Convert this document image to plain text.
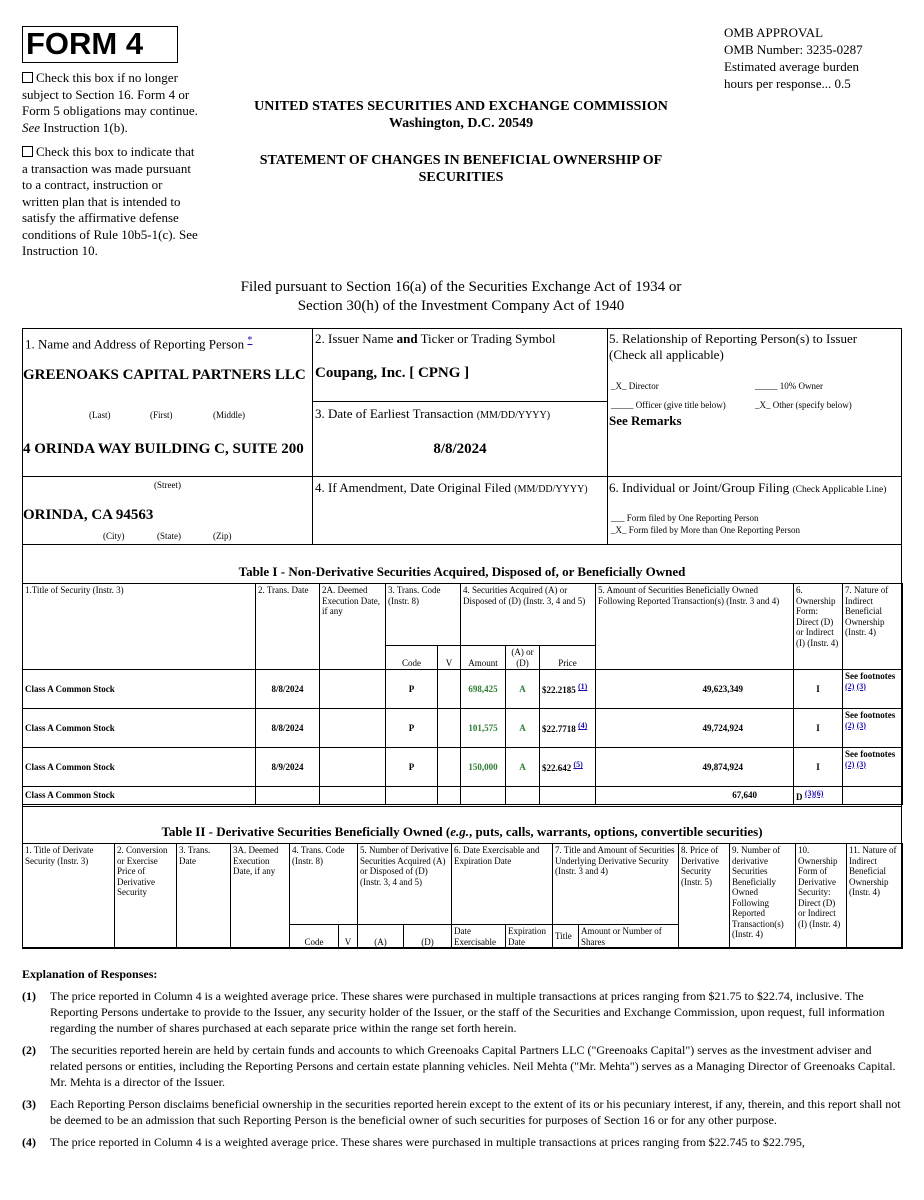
FORM 4
Check this box if no longer subject to Section 16. Form 4 or Form 5 obligations may continue. See Instruction 1(b).
Check this box to indicate that a transaction was made pursuant to a contract, instruction or written plan that is intended to satisfy the affirmative defense conditions of Rule 10b5-1(c). See Instruction 10.
OMB APPROVAL
OMB Number: 3235-0287
Estimated average burden
hours per response... 0.5
UNITED STATES SECURITIES AND EXCHANGE COMMISSION
Washington, D.C. 20549
STATEMENT OF CHANGES IN BENEFICIAL OWNERSHIP OF
SECURITIES
Filed pursuant to Section 16(a) of the Securities Exchange Act of 1934 or
Section 30(h) of the Investment Company Act of 1940
1. Name and Address of Reporting Person *
GREENOAKS CAPITAL PARTNERS LLC
(Last)	(First)	(Middle)
4 ORINDA WAY BUILDING C, SUITE 200
(Street)
ORINDA, CA 94563
(City)	(State)	(Zip)
2. Issuer Name and Ticker or Trading Symbol
Coupang, Inc. [ CPNG ]
3. Date of Earliest Transaction (MM/DD/YYYY)
8/8/2024
4. If Amendment, Date Original Filed (MM/DD/YYYY)
5. Relationship of Reporting Person(s) to Issuer
(Check all applicable)
_X_ Director	_____ 10% Owner
_____ Officer (give title below)	_X_ Other (specify below)
See Remarks
6. Individual or Joint/Group Filing (Check Applicable Line)
___ Form filed by One Reporting Person
_X_ Form filed by More than One Reporting Person
Table I - Non-Derivative Securities Acquired, Disposed of, or Beneficially Owned
1.Title of Security (Instr. 3)	2. Trans. Date	2A. Deemed Execution Date, if any	3. Trans. Code (Instr. 8)		4. Securities Acquired (A) or Disposed of (D) (Instr. 3, 4 and 5)			5. Amount of Securities Beneficially Owned Following Reported Transaction(s) (Instr. 3 and 4)	6. Ownership Form: Direct (D) or Indirect (I) (Instr. 4)	7. Nature of Indirect Beneficial Ownership (Instr. 4)
			Code	V	Amount	(A) or (D)	Price			
Class A Common Stock	8/8/2024		P		698,425	A	$22.2185 (1)	49,623,349	I	See footnotes (2) (3)
Class A Common Stock	8/8/2024		P		101,575	A	$22.7718 (4)	49,724,924	I	See footnotes (2) (3)
Class A Common Stock	8/9/2024		P		150,000	A	$22.642 (5)	49,874,924	I	See footnotes (2) (3)
Class A Common Stock								67,640	D (3)(6)	
Table II - Derivative Securities Beneficially Owned (e.g., puts, calls, warrants, options, convertible securities)
1. Title of Derivate Security (Instr. 3)	2. Conversion or Exercise Price of Derivative Security	3. Trans. Date	3A. Deemed Execution Date, if any	4. Trans. Code (Instr. 8)		5. Number of Derivative Securities Acquired (A) or Disposed of (D) (Instr. 3, 4 and 5)		6. Date Exercisable and Expiration Date		7. Title and Amount of Securities Underlying Derivative Security (Instr. 3 and 4)		8. Price of Derivative Security (Instr. 5)	9. Number of derivative Securities Beneficially Owned Following Reported Transaction(s) (Instr. 4)	10. Ownership Form of Derivative Security: Direct (D) or Indirect (I) (Instr. 4)	11. Nature of Indirect Beneficial Ownership (Instr. 4)
				Code	V	(A)	(D)	Date Exercisable	Expiration Date	Title	Amount or Number of Shares				
Explanation of Responses:
(1)	The price reported in Column 4 is a weighted average price. These shares were purchased in multiple transactions at prices ranging from $21.75 to $22.74, inclusive. The Reporting Persons undertake to provide to the Issuer, any security holder of the Issuer, or the staff of the Securities and Exchange Commission, upon request, full information regarding the number of shares purchased at each separate price within the range set forth herein.
(2)	The securities reported herein are held by certain funds and accounts to which Greenoaks Capital Partners LLC ("Greenoaks Capital") serves as the investment adviser and related persons or entities, including the Reporting Persons and certain estate planning vehicles. Neil Mehta ("Mr. Mehta") serves as a Managing Director of Greenoaks Capital. Mr. Mehta is a director of the Issuer.
(3)	Each Reporting Person disclaims beneficial ownership in the securities reported herein except to the extent of its or his pecuniary interest, if any, therein, and this report shall not be deemed to be an admission that such Reporting Person is the beneficial owner of such securities for purposes of Section 16 or for any other purpose.
(4)	The price reported in Column 4 is a weighted average price. These shares were purchased in multiple transactions at prices ranging from $22.745 to $22.795,
